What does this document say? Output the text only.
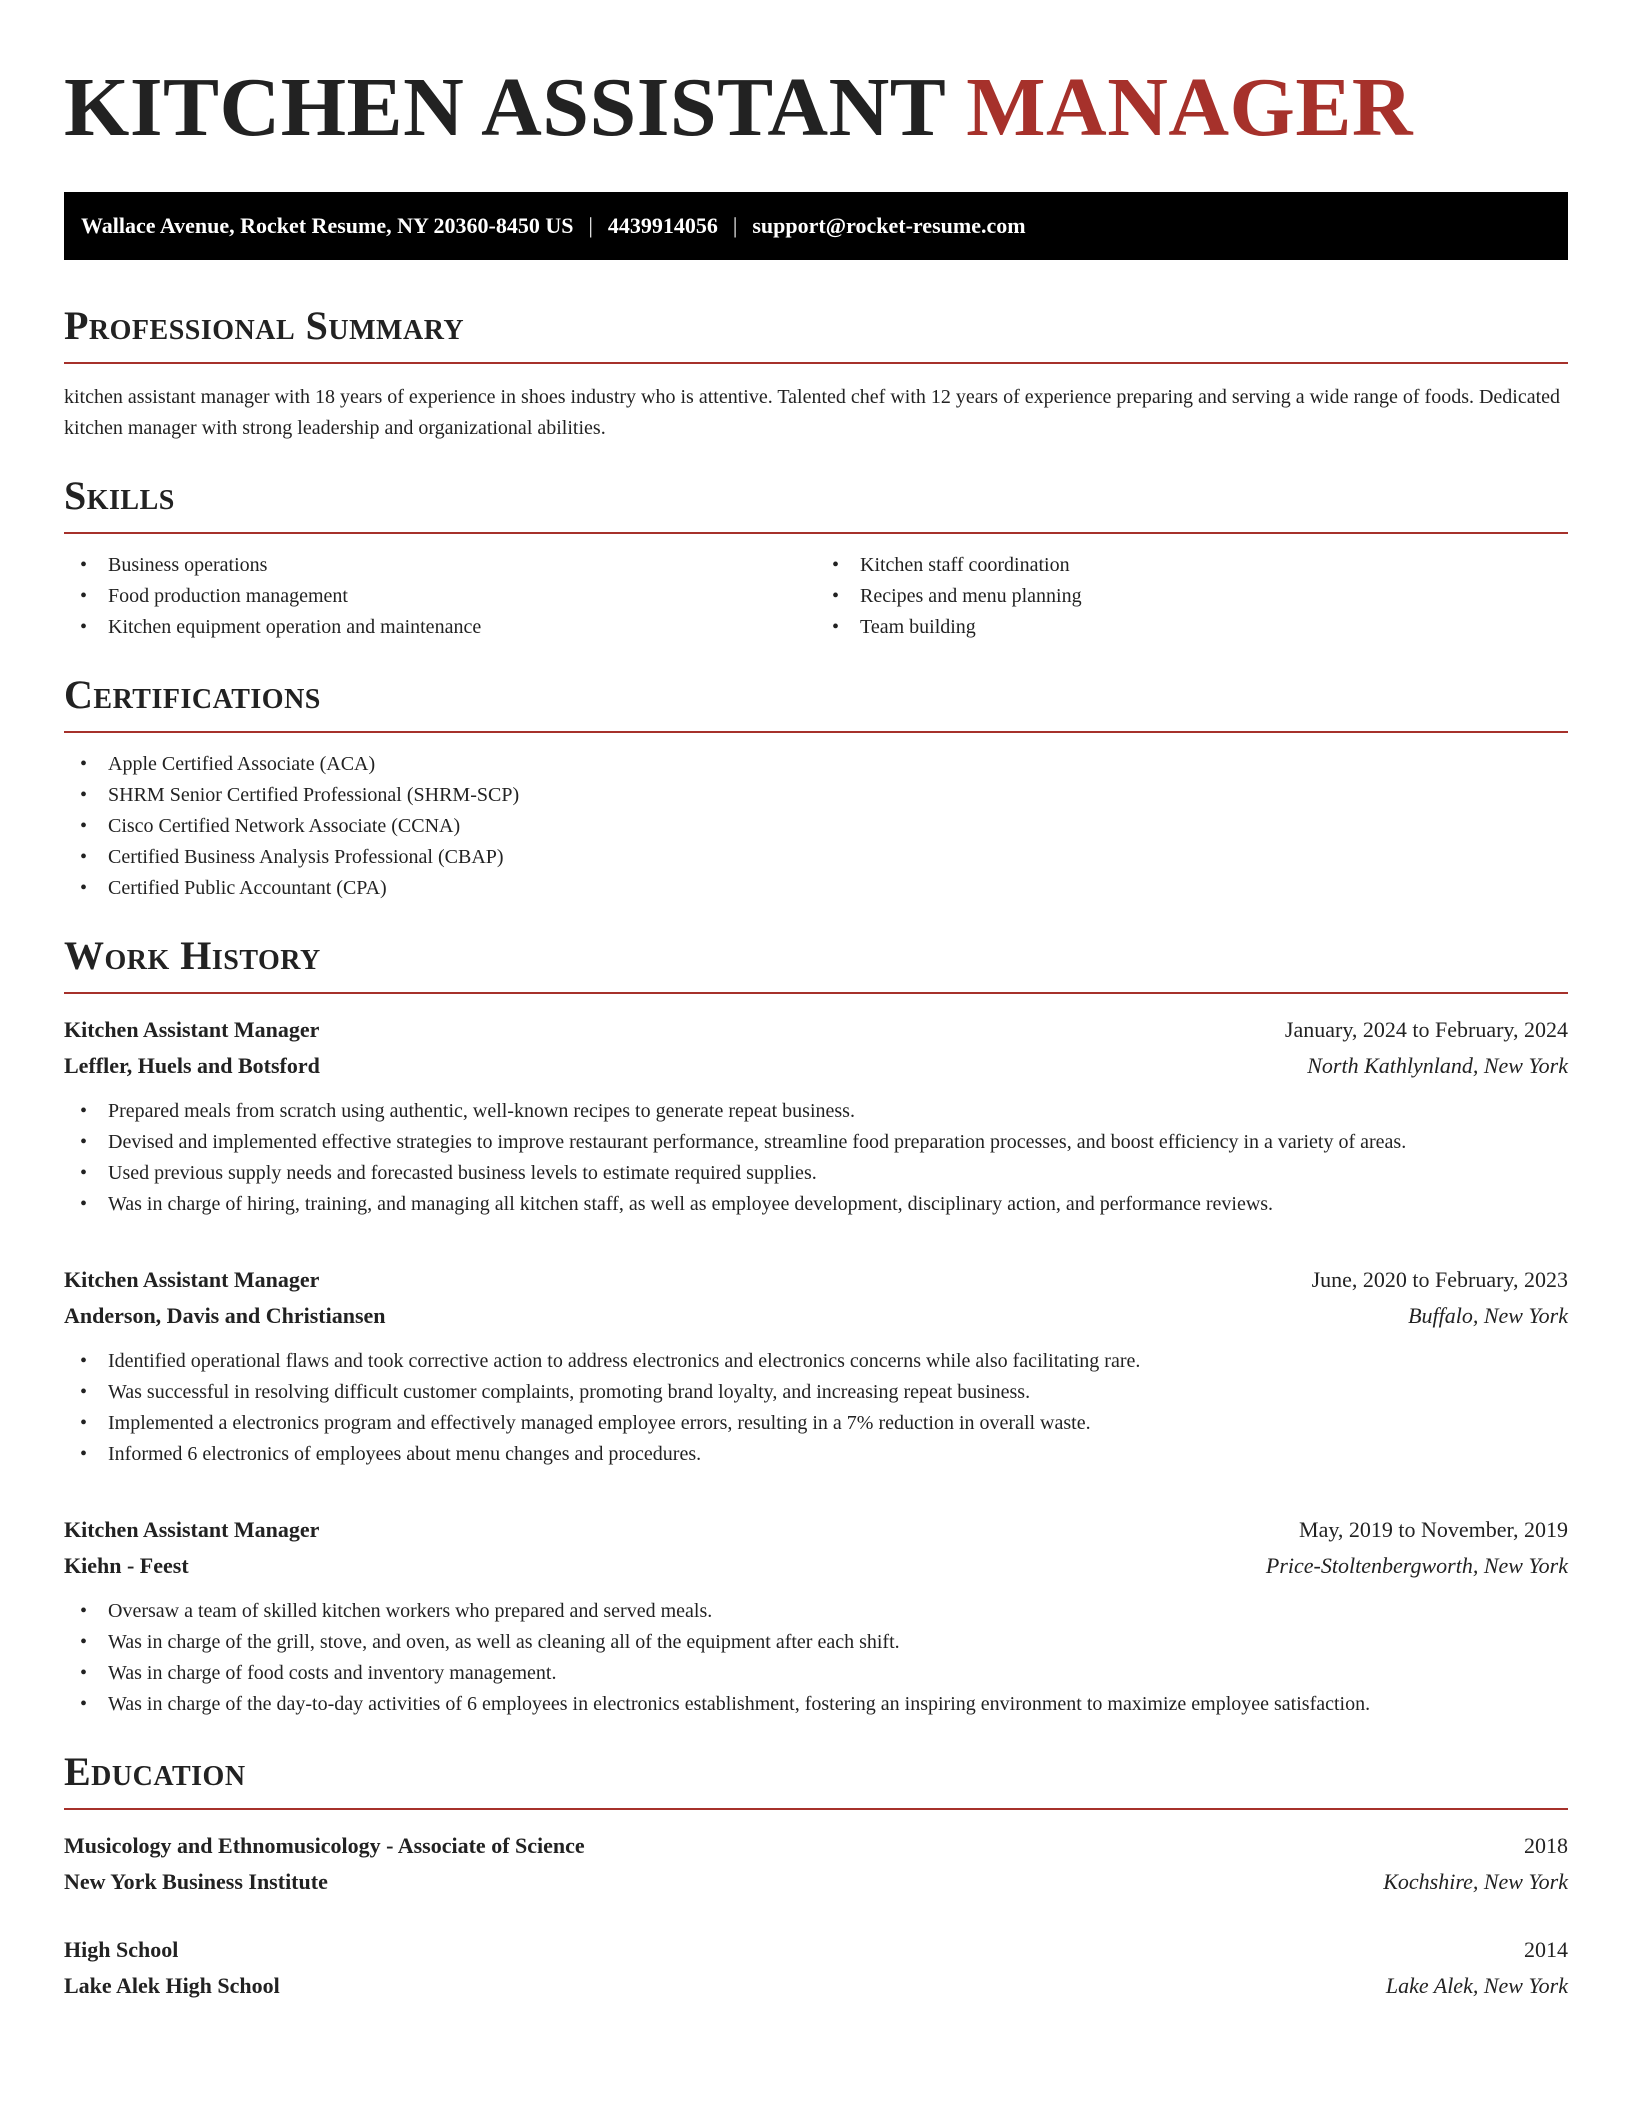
KITCHEN ASSISTANT MANAGER
Wallace Avenue, Rocket Resume, NY 20360-8450 US | 4439914056 | support@rocket-resume.com
Professional Summary

kitchen assistant manager with 18 years of experience in shoes industry who is attentive. Talented chef with 12 years of experience preparing and serving a wide range of foods. Dedicated kitchen manager with strong leadership and organizational abilities.

Skills
• Business operations
• Food production management
• Kitchen equipment operation and maintenance
• Kitchen staff coordination
• Recipes and menu planning
• Team building
Certifications
• Apple Certified Associate (ACA)
• SHRM Senior Certified Professional (SHRM-SCP)
• Cisco Certified Network Associate (CCNA)
• Certified Business Analysis Professional (CBAP)
• Certified Public Accountant (CPA)
Work History
Kitchen Assistant Manager	January, 2024 to February, 2024
Leffler, Huels and Botsford	North Kathlynland, New York
• Prepared meals from scratch using authentic, well-known recipes to generate repeat business.
• Devised and implemented effective strategies to improve restaurant performance, streamline food preparation processes, and boost efficiency in a variety of areas.
• Used previous supply needs and forecasted business levels to estimate required supplies.
• Was in charge of hiring, training, and managing all kitchen staff, as well as employee development, disciplinary action, and performance reviews.
Kitchen Assistant Manager	June, 2020 to February, 2023
Anderson, Davis and Christiansen	Buffalo, New York
• Identified operational flaws and took corrective action to address electronics and electronics concerns while also facilitating rare.
• Was successful in resolving difficult customer complaints, promoting brand loyalty, and increasing repeat business.
• Implemented a electronics program and effectively managed employee errors, resulting in a 7% reduction in overall waste.
• Informed 6 electronics of employees about menu changes and procedures.
Kitchen Assistant Manager	May, 2019 to November, 2019
Kiehn - Feest	Price-Stoltenbergworth, New York
• Oversaw a team of skilled kitchen workers who prepared and served meals.
• Was in charge of the grill, stove, and oven, as well as cleaning all of the equipment after each shift.
• Was in charge of food costs and inventory management.
• Was in charge of the day-to-day activities of 6 employees in electronics establishment, fostering an inspiring environment to maximize employee satisfaction.
Education
Musicology and Ethnomusicology - Associate of Science	2018
New York Business Institute	Kochshire, New York
High School	2014
Lake Alek High School	Lake Alek, New York
